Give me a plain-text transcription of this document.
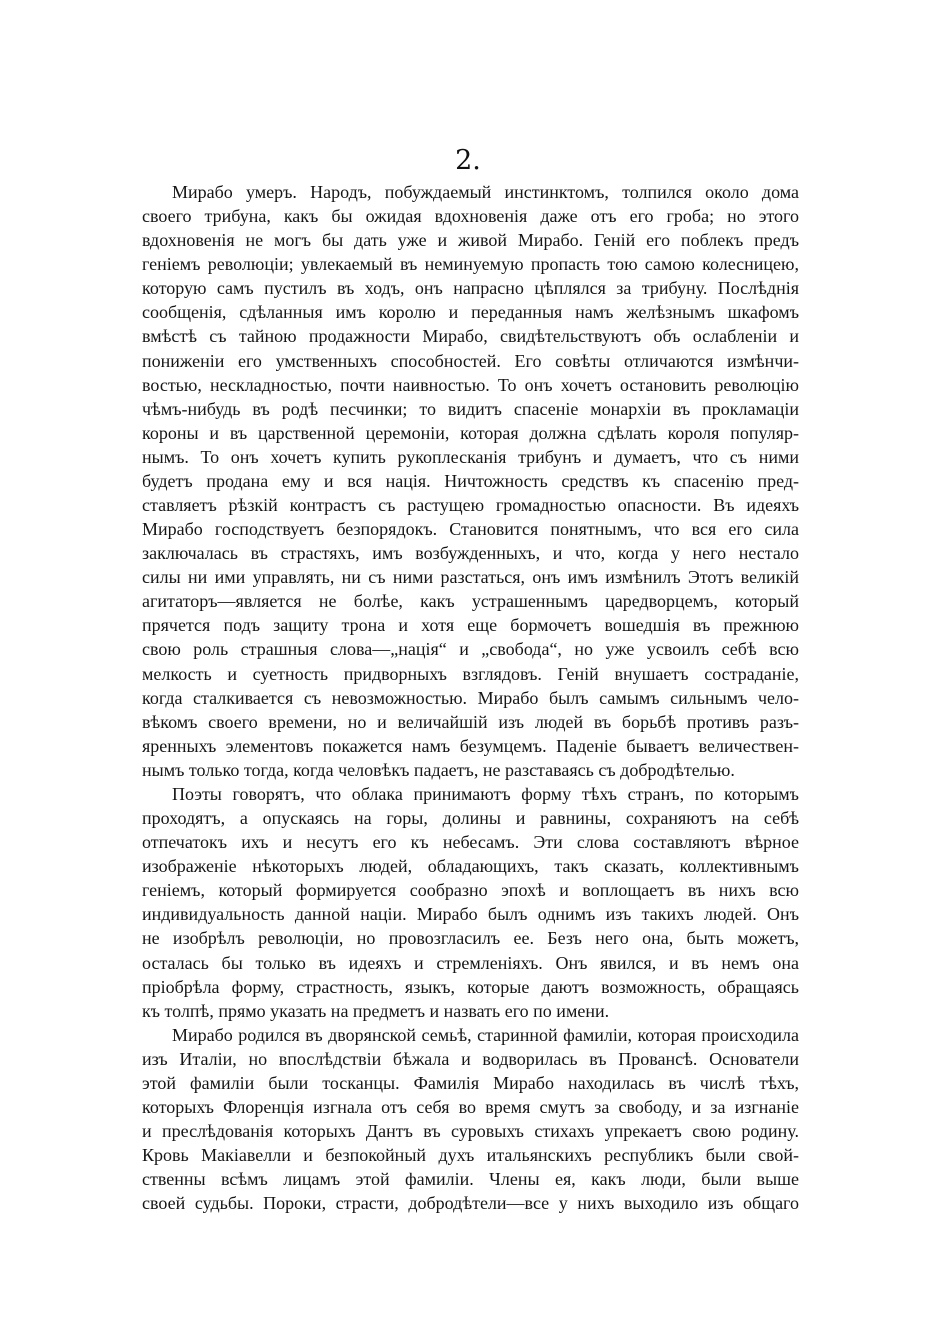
2.
Мирабо умеръ. Народъ, побуждаемый инстинктомъ, толпился около дома
своего трибуна, какъ бы ожидая вдохновенія даже отъ его гроба; но этого
вдохновенія не могъ бы дать уже и живой Мирабо. Геній его поблекъ предъ
геніемъ революціи; увлекаемый въ неминуемую пропасть тою самою колесницею,
которую самъ пустилъ въ ходъ, онъ напрасно цѣплялся за трибуну. Послѣднія
сообщенія, сдѣланныя имъ королю и переданныя намъ желѣзнымъ шкафомъ
вмѣстѣ съ тайною продажности Мирабо, свидѣтельствуютъ объ ослабленіи и
пониженіи его умственныхъ способностей. Его совѣты отличаются измѣнчи-
востью, нескладностью, почти наивностью. То онъ хочетъ остановить революцію
чѣмъ-нибудь въ родѣ песчинки; то видитъ спасеніе монархіи въ прокламаціи
короны и въ царственной церемоніи, которая должна сдѣлать короля популяр-
нымъ. То онъ хочетъ купить рукоплесканія трибунъ и думаетъ, что съ ними
будетъ продана ему и вся нація. Ничтожность средствъ къ спасенію пред-
ставляетъ рѣзкій контрастъ съ растущею громадностью опасности. Въ идеяхъ
Мирабо господствуетъ безпорядокъ. Становится понятнымъ, что вся его сила
заключалась въ страстяхъ, имъ возбужденныхъ, и что, когда у него нестало
силы ни ими управлять, ни съ ними разстаться, онъ имъ измѣнилъ Этотъ великій
агитаторъ—является не болѣе, какъ устрашеннымъ царедворцемъ, который
прячется подъ защиту трона и хотя еще бормочетъ вошедшія въ прежнюю
свою роль страшныя слова—„нація“ и „свобода“, но уже усвоилъ себѣ всю
мелкость и суетность придворныхъ взглядовъ. Геній внушаетъ состраданіе,
когда сталкивается съ невозможностью. Мирабо былъ самымъ сильнымъ чело-
вѣкомъ своего времени, но и величайшій изъ людей въ борьбѣ противъ разъ-
яренныхъ элементовъ покажется намъ безумцемъ. Паденіе бываетъ величествен-
нымъ только тогда, когда человѣкъ падаетъ, не разставаясь съ добродѣтелью.
Поэты говорятъ, что облака принимаютъ форму тѣхъ странъ, по которымъ
проходятъ, а опускаясь на горы, долины и равнины, сохраняютъ на себѣ
отпечатокъ ихъ и несутъ его къ небесамъ. Эти слова составляютъ вѣрное
изображеніе нѣкоторыхъ людей, обладающихъ, такъ сказать, коллективнымъ
геніемъ, который формируется сообразно эпохѣ и воплощаетъ въ нихъ всю
индивидуальность данной націи. Мирабо былъ однимъ изъ такихъ людей. Онъ
не изобрѣлъ революціи, но провозгласилъ ее. Безъ него она, быть можетъ,
осталась бы только въ идеяхъ и стремленіяхъ. Онъ явился, и въ немъ она
пріобрѣла форму, страстность, языкъ, которые даютъ возможность, обращаясь
къ толпѣ, прямо указать на предметъ и назвать его по имени.
Мирабо родился въ дворянской семьѣ, старинной фамиліи, которая происходила
изъ Италіи, но впослѣдствіи бѣжала и водворилась въ Провансѣ. Основатели
этой фамиліи были тосканцы. Фамилія Мирабо находилась въ числѣ тѣхъ,
которыхъ Флоренція изгнала отъ себя во время смутъ за свободу, и за изгнаніе
и преслѣдованія которыхъ Дантъ въ суровыхъ стихахъ упрекаетъ свою родину.
Кровь Макіавелли и безпокойный духъ итальянскихъ республикъ были свой-
ственны всѣмъ лицамъ этой фамиліи. Члены ея, какъ люди, были выше
своей судьбы. Пороки, страсти, добродѣтели—все у нихъ выходило изъ общаго
